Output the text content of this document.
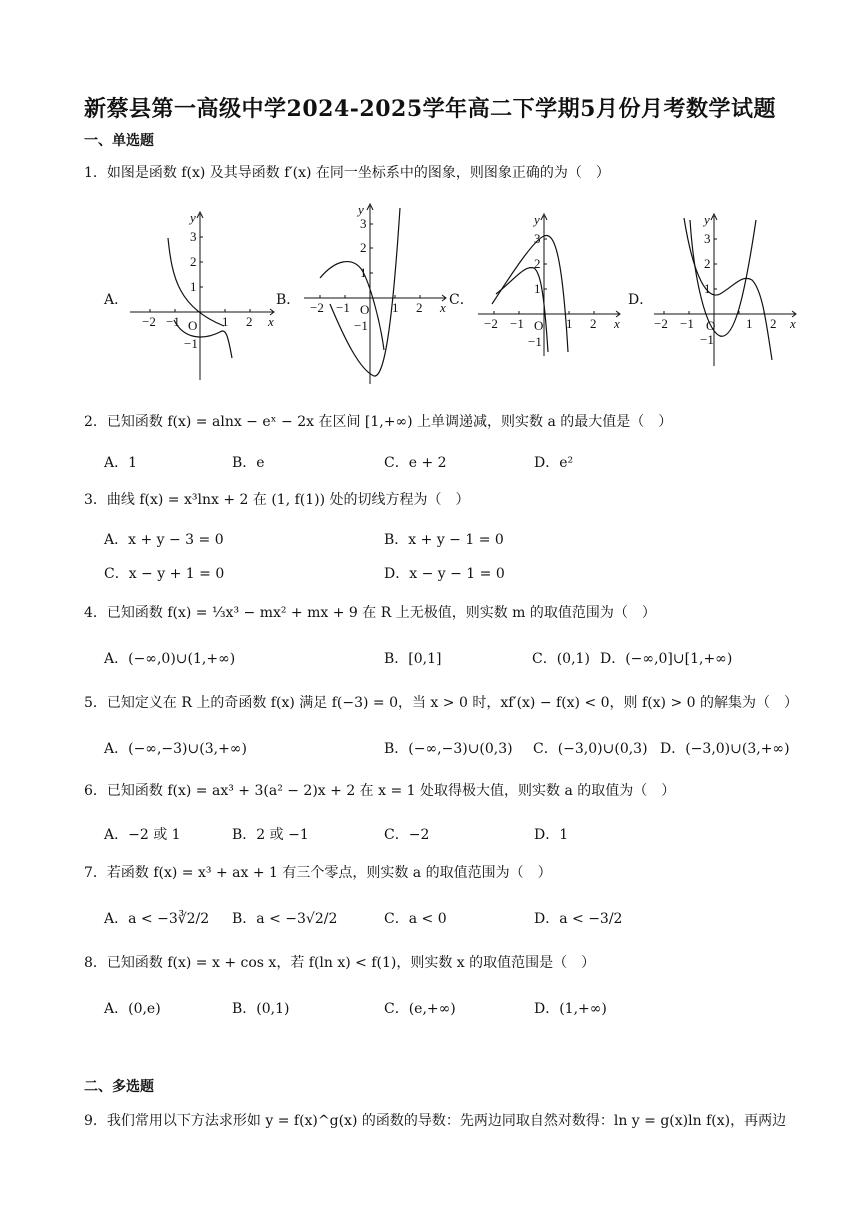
新蔡县第一高级中学2024-2025学年高二下学期5月份月考数学试题
一、单选题
1．如图是函数 f(x) 及其导函数 f′(x) 在同一坐标系中的图象，则图象正确的为（　）
A．	B．	C．	D．
y
3
2
1
O	x
−2 −1	1 2
−1
y
3
2
1
O	x
−2 −1	1 2
−1
y
3
2
1
O	x
−2 −1	1 2
−1
y
3
2
1
O	x
−2 −1	1 2
−1
2．已知函数 f(x) = alnx − eˣ − 2x 在区间 [1,+∞) 上单调递减，则实数 a 的最大值是（　）
A．1	B．e	C．e + 2	D．e²
3．曲线 f(x) = x³lnx + 2 在 (1, f(1)) 处的切线方程为（　）
A．x + y − 3 = 0	B．x + y − 1 = 0
C．x − y + 1 = 0	D．x − y − 1 = 0
4．已知函数 f(x) = ⅓x³ − mx² + mx + 9 在 R 上无极值，则实数 m 的取值范围为（　）
A．(−∞,0)∪(1,+∞)	B．[0,1]	C．(0,1) D．(−∞,0]∪[1,+∞)
5．已知定义在 R 上的奇函数 f(x) 满足 f(−3) = 0，当 x > 0 时，xf′(x) − f(x) < 0，则 f(x) > 0 的解集为（　）
A．(−∞,−3)∪(3,+∞)	B．(−∞,−3)∪(0,3) C．(−3,0)∪(0,3) D．(−3,0)∪(3,+∞)
6．已知函数 f(x) = ax³ + 3(a² − 2)x + 2 在 x = 1 处取得极大值，则实数 a 的取值为（　）
A．−2 或 1	B．2 或 −1	C．−2	D．1
7．若函数 f(x) = x³ + ax + 1 有三个零点，则实数 a 的取值范围为（　）
A．a < −3∛2/2 B．a < −3√2/2	C．a < 0	D．a < −3/2
8．已知函数 f(x) = x + cos x，若 f(ln x) < f(1)，则实数 x 的取值范围是（　）
A．(0,e)	B．(0,1)	C．(e,+∞)	D．(1,+∞)
二、多选题
9．我们常用以下方法求形如 y = f(x)^g(x) 的函数的导数：先两边同取自然对数得：ln y = g(x)ln f(x)，再两边
